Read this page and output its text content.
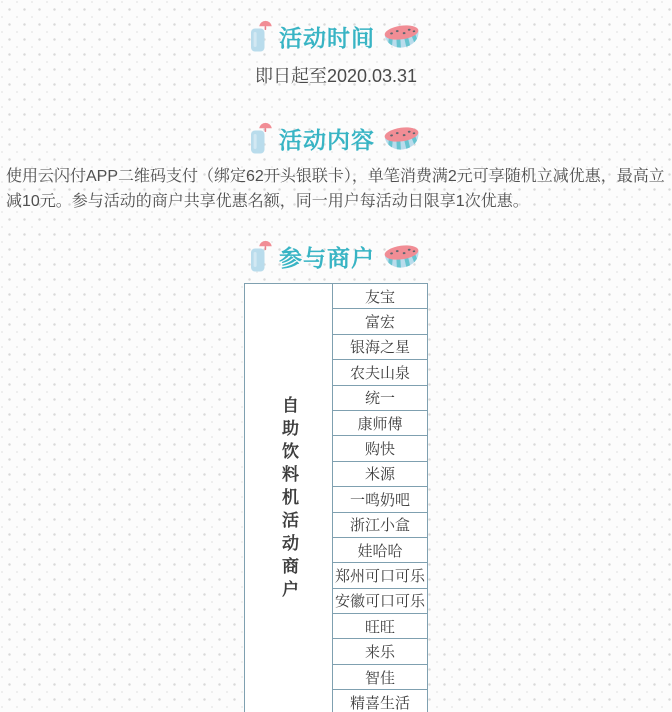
活动时间
即日起至2020.03.31
活动内容
使用云闪付APP二维码支付（绑定62开头银联卡），单笔消费满2元可享随机立减优惠，最高立减10元。参与活动的商户共享优惠名额，同一用户每活动日限享1次优惠。
参与商户
自助饮料机活动商户
友宝
富宏
银海之星
农夫山泉
统一
康师傅
购快
米源
一鸣奶吧
浙江小盒
娃哈哈
郑州可口可乐
安徽可口可乐
旺旺
来乐
智佳
精喜生活
